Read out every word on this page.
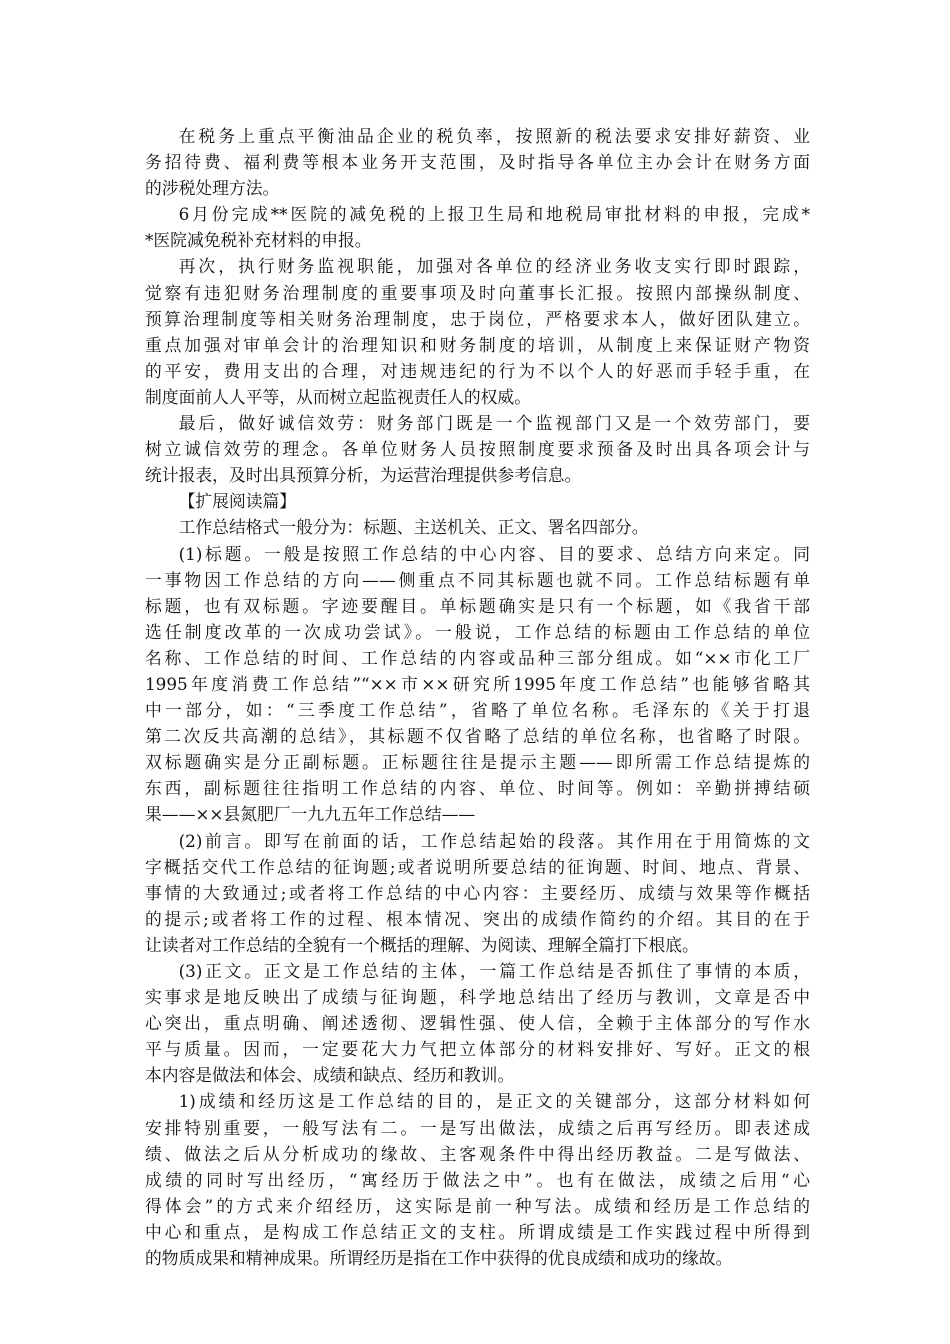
在税务上重点平衡油品企业的税负率，按照新的税法要求安排好薪资、业
务招待费、福利费等根本业务开支范围，及时指导各单位主办会计在财务方面
的涉税处理方法。
6月份完成**医院的减免税的上报卫生局和地税局审批材料的申报，完成*
*医院减免税补充材料的申报。
再次，执行财务监视职能，加强对各单位的经济业务收支实行即时跟踪，
觉察有违犯财务治理制度的重要事项及时向董事长汇报。按照内部操纵制度、
预算治理制度等相关财务治理制度，忠于岗位，严格要求本人，做好团队建立。
重点加强对审单会计的治理知识和财务制度的培训，从制度上来保证财产物资
的平安，费用支出的合理，对违规违纪的行为不以个人的好恶而手轻手重，在
制度面前人人平等，从而树立起监视责任人的权威。
最后，做好诚信效劳：财务部门既是一个监视部门又是一个效劳部门，要
树立诚信效劳的理念。各单位财务人员按照制度要求预备及时出具各项会计与
统计报表，及时出具预算分析，为运营治理提供参考信息。
【扩展阅读篇】
工作总结格式一般分为：标题、主送机关、正文、署名四部分。
(1)标题。一般是按照工作总结的中心内容、目的要求、总结方向来定。同
一事物因工作总结的方向——侧重点不同其标题也就不同。工作总结标题有单
标题，也有双标题。字迹要醒目。单标题确实是只有一个标题，如《我省干部
选任制度改革的一次成功尝试》。一般说，工作总结的标题由工作总结的单位
名称、工作总结的时间、工作总结的内容或品种三部分组成。如“××市化工厂
1995年度消费工作总结”“××市××研究所1995年度工作总结”也能够省略其
中一部分，如：“三季度工作总结”，省略了单位名称。毛泽东的《关于打退
第二次反共高潮的总结》，其标题不仅省略了总结的单位名称，也省略了时限。
双标题确实是分正副标题。正标题往往是提示主题——即所需工作总结提炼的
东西，副标题往往指明工作总结的内容、单位、时间等。例如：辛勤拼搏结硕
果——××县氮肥厂一九九五年工作总结——
(2)前言。即写在前面的话，工作总结起始的段落。其作用在于用简炼的文
字概括交代工作总结的征询题;或者说明所要总结的征询题、时间、地点、背景、
事情的大致通过;或者将工作总结的中心内容：主要经历、成绩与效果等作概括
的提示;或者将工作的过程、根本情况、突出的成绩作简约的介绍。其目的在于
让读者对工作总结的全貌有一个概括的理解、为阅读、理解全篇打下根底。
(3)正文。正文是工作总结的主体，一篇工作总结是否抓住了事情的本质，
实事求是地反映出了成绩与征询题，科学地总结出了经历与教训，文章是否中
心突出，重点明确、阐述透彻、逻辑性强、使人信，全赖于主体部分的写作水
平与质量。因而，一定要花大力气把立体部分的材料安排好、写好。正文的根
本内容是做法和体会、成绩和缺点、经历和教训。
1)成绩和经历这是工作总结的目的，是正文的关键部分，这部分材料如何
安排特别重要，一般写法有二。一是写出做法，成绩之后再写经历。即表述成
绩、做法之后从分析成功的缘故、主客观条件中得出经历教益。二是写做法、
成绩的同时写出经历，“寓经历于做法之中”。也有在做法，成绩之后用“心
得体会”的方式来介绍经历，这实际是前一种写法。成绩和经历是工作总结的
中心和重点，是构成工作总结正文的支柱。所谓成绩是工作实践过程中所得到
的物质成果和精神成果。所谓经历是指在工作中获得的优良成绩和成功的缘故。
